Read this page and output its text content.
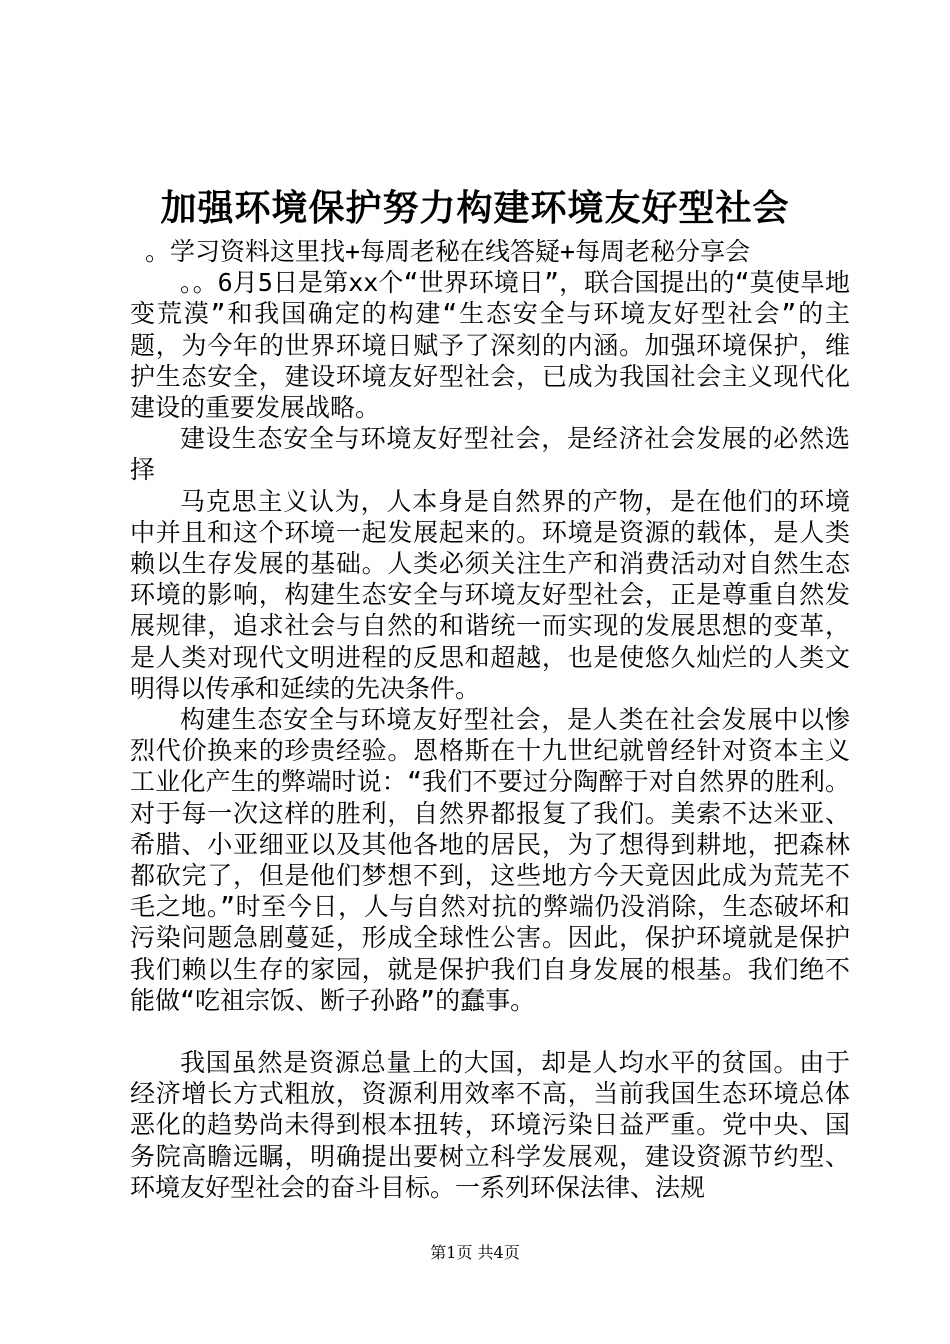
加强环境保护努力构建环境友好型社会

。学习资料这里找+每周老秘在线答疑+每周老秘分享会

。。6月5日是第xx个“世界环境日”，联合国提出的“莫使旱地变荒漠”和我国确定的构建“生态安全与环境友好型社会”的主题，为今年的世界环境日赋予了深刻的内涵。加强环境保护，维护生态安全，建设环境友好型社会，已成为我国社会主义现代化建设的重要发展战略。

建设生态安全与环境友好型社会，是经济社会发展的必然选择

马克思主义认为，人本身是自然界的产物，是在他们的环境中并且和这个环境一起发展起来的。环境是资源的载体，是人类赖以生存发展的基础。人类必须关注生产和消费活动对自然生态环境的影响，构建生态安全与环境友好型社会，正是尊重自然发展规律，追求社会与自然的和谐统一而实现的发展思想的变革，是人类对现代文明进程的反思和超越，也是使悠久灿烂的人类文明得以传承和延续的先决条件。

构建生态安全与环境友好型社会，是人类在社会发展中以惨烈代价换来的珍贵经验。恩格斯在十九世纪就曾经针对资本主义工业化产生的弊端时说：“我们不要过分陶醉于对自然界的胜利。对于每一次这样的胜利，自然界都报复了我们。美索不达米亚、希腊、小亚细亚以及其他各地的居民，为了想得到耕地，把森林都砍完了，但是他们梦想不到，这些地方今天竟因此成为荒芜不毛之地。”时至今日，人与自然对抗的弊端仍没消除，生态破坏和污染问题急剧蔓延，形成全球性公害。因此，保护环境就是保护我们赖以生存的家园，就是保护我们自身发展的根基。我们绝不能做“吃祖宗饭、断子孙路”的蠢事。

我国虽然是资源总量上的大国，却是人均水平的贫国。由于经济增长方式粗放，资源利用效率不高，当前我国生态环境总体恶化的趋势尚未得到根本扭转，环境污染日益严重。党中央、国务院高瞻远瞩，明确提出要树立科学发展观，建设资源节约型、环境友好型社会的奋斗目标。一系列环保法律、法规

第1页 共4页
